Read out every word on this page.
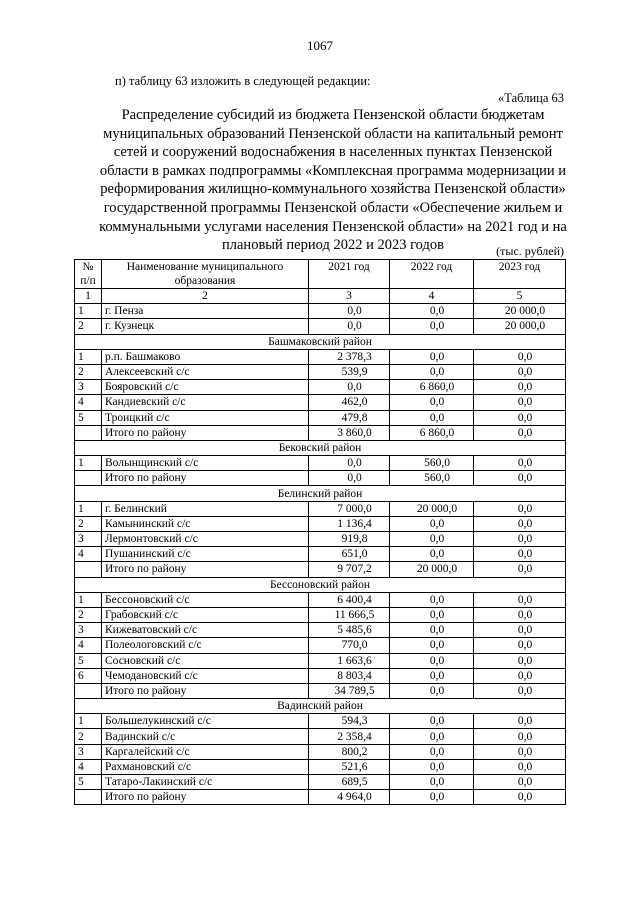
1067
п) таблицу 63 изложить в следующей редакции:
«Таблица 63
Распределение субсидий из бюджета Пензенской области бюджетам муниципальных образований Пензенской области на капитальный ремонт сетей и сооружений водоснабжения в населенных пунктах Пензенской области в рамках подпрограммы «Комплексная программа модернизации и реформирования жилищно-коммунального хозяйства Пензенской области» государственной программы Пензенской области «Обеспечение жильем и коммунальными услугами населения Пензенской области» на 2021 год и на плановый период 2022 и 2023 годов	(тыс. рублей)
№ п/п	Наименование муниципального образования	2021 год	2022 год	2023 год
1	2	3	4	5
1	г. Пенза	0,0	0,0	20 000,0
2	г. Кузнецк	0,0	0,0	20 000,0
Башмаковский район				
1	р.п. Башмаково	2 378,3	0,0	0,0
2	Алексеевский с/с	539,9	0,0	0,0
3	Бояровский с/с	0,0	6 860,0	0,0
4	Кандиевский с/с	462,0	0,0	0,0
5	Троицкий с/с	479,8	0,0	0,0
	Итого по району	3 860,0	6 860,0	0,0
Бековский район				
1	Волынщинский с/с	0,0	560,0	0,0
	Итого по району	0,0	560,0	0,0
Белинский район				
1	г. Белинский	7 000,0	20 000,0	0,0
2	Камынинский с/с	1 136,4	0,0	0,0
3	Лермонтовский с/с	919,8	0,0	0,0
4	Пушанинский с/с	651,0	0,0	0,0
	Итого по району	9 707,2	20 000,0	0,0
Бессоновский район				
1	Бессоновский с/с	6 400,4	0,0	0,0
2	Грабовский с/с	11 666,5	0,0	0,0
3	Кижеватовский с/с	5 485,6	0,0	0,0
4	Полеологовский с/с	770,0	0,0	0,0
5	Сосновский с/с	1 663,6	0,0	0,0
6	Чемодановский с/с	8 803,4	0,0	0,0
	Итого по району	34 789,5	0,0	0,0
Вадинский район				
1	Большелукинский с/с	594,3	0,0	0,0
2	Вадинский с/с	2 358,4	0,0	0,0
3	Каргалейский с/с	800,2	0,0	0,0
4	Рахмановский с/с	521,6	0,0	0,0
5	Татаро-Лакинский с/с	689,5	0,0	0,0
	Итого по району	4 964,0	0,0	0,0
